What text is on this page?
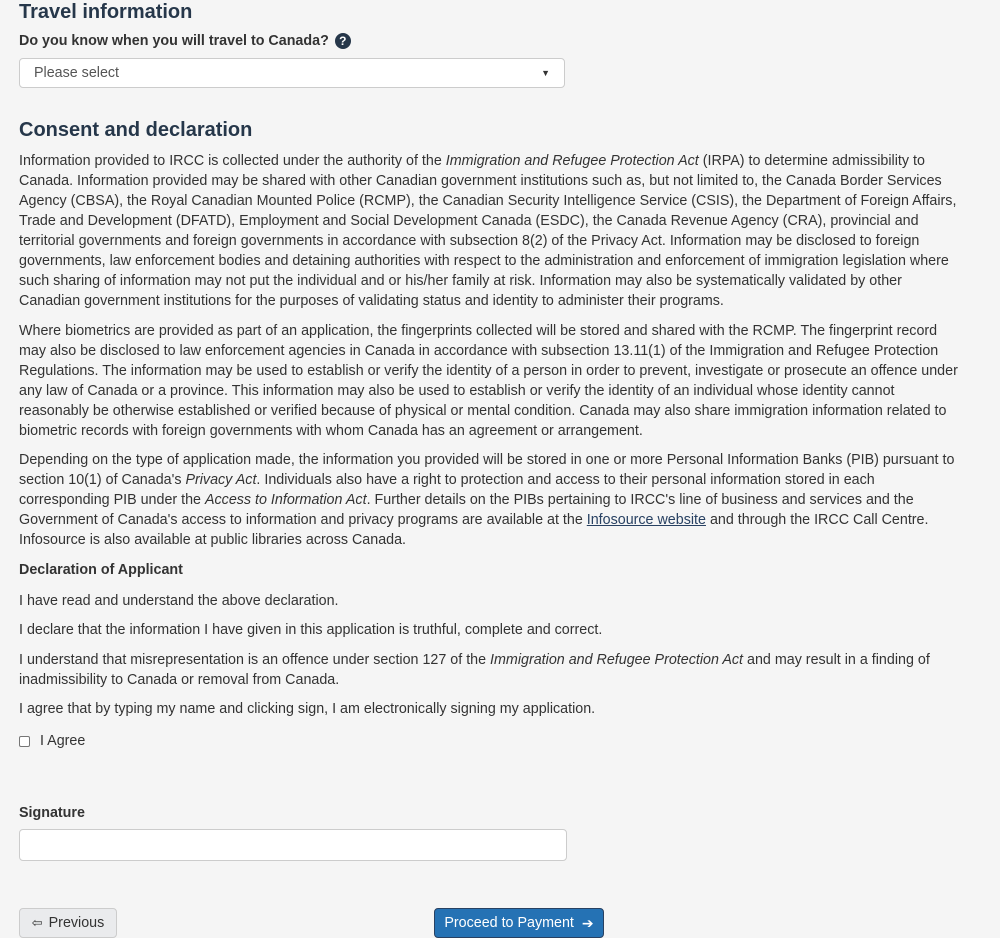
Travel information
Do you know when you will travel to Canada? ?
Please select	▼
Consent and declaration

Information provided to IRCC is collected under the authority of the Immigration and Refugee Protection Act (IRPA) to determine admissibility to Canada. Information provided may be shared with other Canadian government institutions such as, but not limited to, the Canada Border Services Agency (CBSA), the Royal Canadian Mounted Police (RCMP), the Canadian Security Intelligence Service (CSIS), the Department of Foreign Affairs, Trade and Development (DFATD), Employment and Social Development Canada (ESDC), the Canada Revenue Agency (CRA), provincial and territorial governments and foreign governments in accordance with subsection 8(2) of the Privacy Act. Information may be disclosed to foreign governments, law enforcement bodies and detaining authorities with respect to the administration and enforcement of immigration legislation where such sharing of information may not put the individual and or his/her family at risk. Information may also be systematically validated by other Canadian government institutions for the purposes of validating status and identity to administer their programs.

Where biometrics are provided as part of an application, the fingerprints collected will be stored and shared with the RCMP. The fingerprint record may also be disclosed to law enforcement agencies in Canada in accordance with subsection 13.11(1) of the Immigration and Refugee Protection Regulations. The information may be used to establish or verify the identity of a person in order to prevent, investigate or prosecute an offence under any law of Canada or a province. This information may also be used to establish or verify the identity of an individual whose identity cannot reasonably be otherwise established or verified because of physical or mental condition. Canada may also share immigration information related to biometric records with foreign governments with whom Canada has an agreement or arrangement.

Depending on the type of application made, the information you provided will be stored in one or more Personal Information Banks (PIB) pursuant to section 10(1) of Canada's Privacy Act. Individuals also have a right to protection and access to their personal information stored in each corresponding PIB under the Access to Information Act. Further details on the PIBs pertaining to IRCC's line of business and services and the Government of Canada's access to information and privacy programs are available at the Infosource website and through the IRCC Call Centre. Infosource is also available at public libraries across Canada.

Declaration of Applicant

I have read and understand the above declaration.

I declare that the information I have given in this application is truthful, complete and correct.

I understand that misrepresentation is an offence under section 127 of the Immigration and Refugee Protection Act and may result in a finding of inadmissibility to Canada or removal from Canada.

I agree that by typing my name and clicking sign, I am electronically signing my application.

I Agree
Signature
⇦ Previous	Proceed to Payment ➔
